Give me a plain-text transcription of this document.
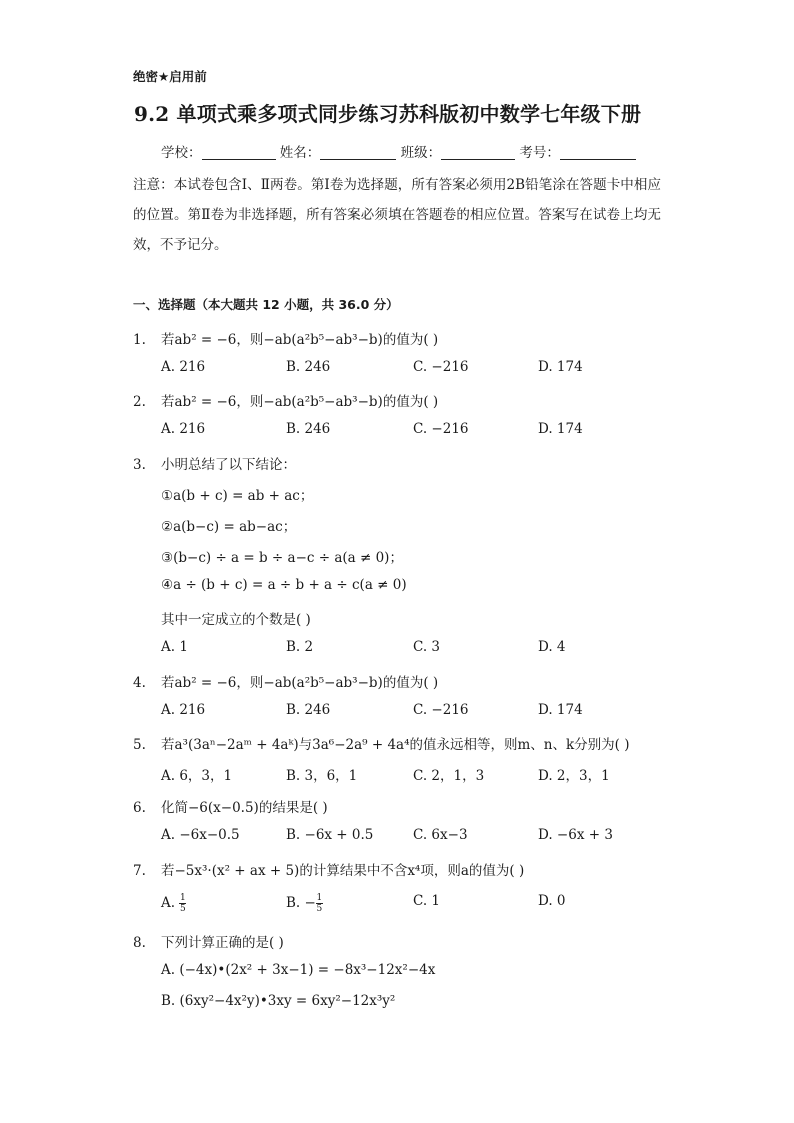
绝密★启用前
9.2 单项式乘多项式同步练习苏科版初中数学七年级下册
学校：	姓名：	班级：	考号：
注意：本试卷包含Ⅰ、Ⅱ两卷。第Ⅰ卷为选择题，所有答案必须用2B铅笔涂在答题卡中相应的位置。第Ⅱ卷为非选择题，所有答案必须填在答题卷的相应位置。答案写在试卷上均无效，不予记分。
一、选择题（本大题共 12 小题，共 36.0 分）
1. 若ab² = −6，则−ab(a²b⁵−ab³−b)的值为( )
A. 216	B. 246	C. −216	D. 174
2. 若ab² = −6，则−ab(a²b⁵−ab³−b)的值为( )
A. 216	B. 246	C. −216	D. 174
3. 小明总结了以下结论：
①a(b + c) = ab + ac；
②a(b−c) = ab−ac；
③(b−c) ÷ a = b ÷ a−c ÷ a(a ≠ 0)；
④a ÷ (b + c) = a ÷ b + a ÷ c(a ≠ 0)
其中一定成立的个数是( )
A. 1	B. 2	C. 3	D. 4
4. 若ab² = −6，则−ab(a²b⁵−ab³−b)的值为( )
A. 216	B. 246	C. −216	D. 174
5. 若a³(3aⁿ−2aᵐ + 4aᵏ)与3a⁶−2a⁹ + 4a⁴的值永远相等，则m、n、k分别为( )
A. 6，3，1	B. 3，6，1	C. 2，1，3	D. 2，3，1
6. 化简−6(x−0.5)的结果是( )
A. −6x−0.5	B. −6x + 0.5	C. 6x−3	D. −6x + 3
7. 若−5x³·(x² + ax + 5)的计算结果中不含x⁴项，则a的值为( )
A. $\frac{1}{5}$	B. − $\frac{1}{5}$	C. 1	D. 0
8. 下列计算正确的是( )
A. (−4x)•(2x² + 3x−1) = −8x³−12x²−4x
B. (6xy²−4x²y)•3xy = 6xy²−12x³y²
